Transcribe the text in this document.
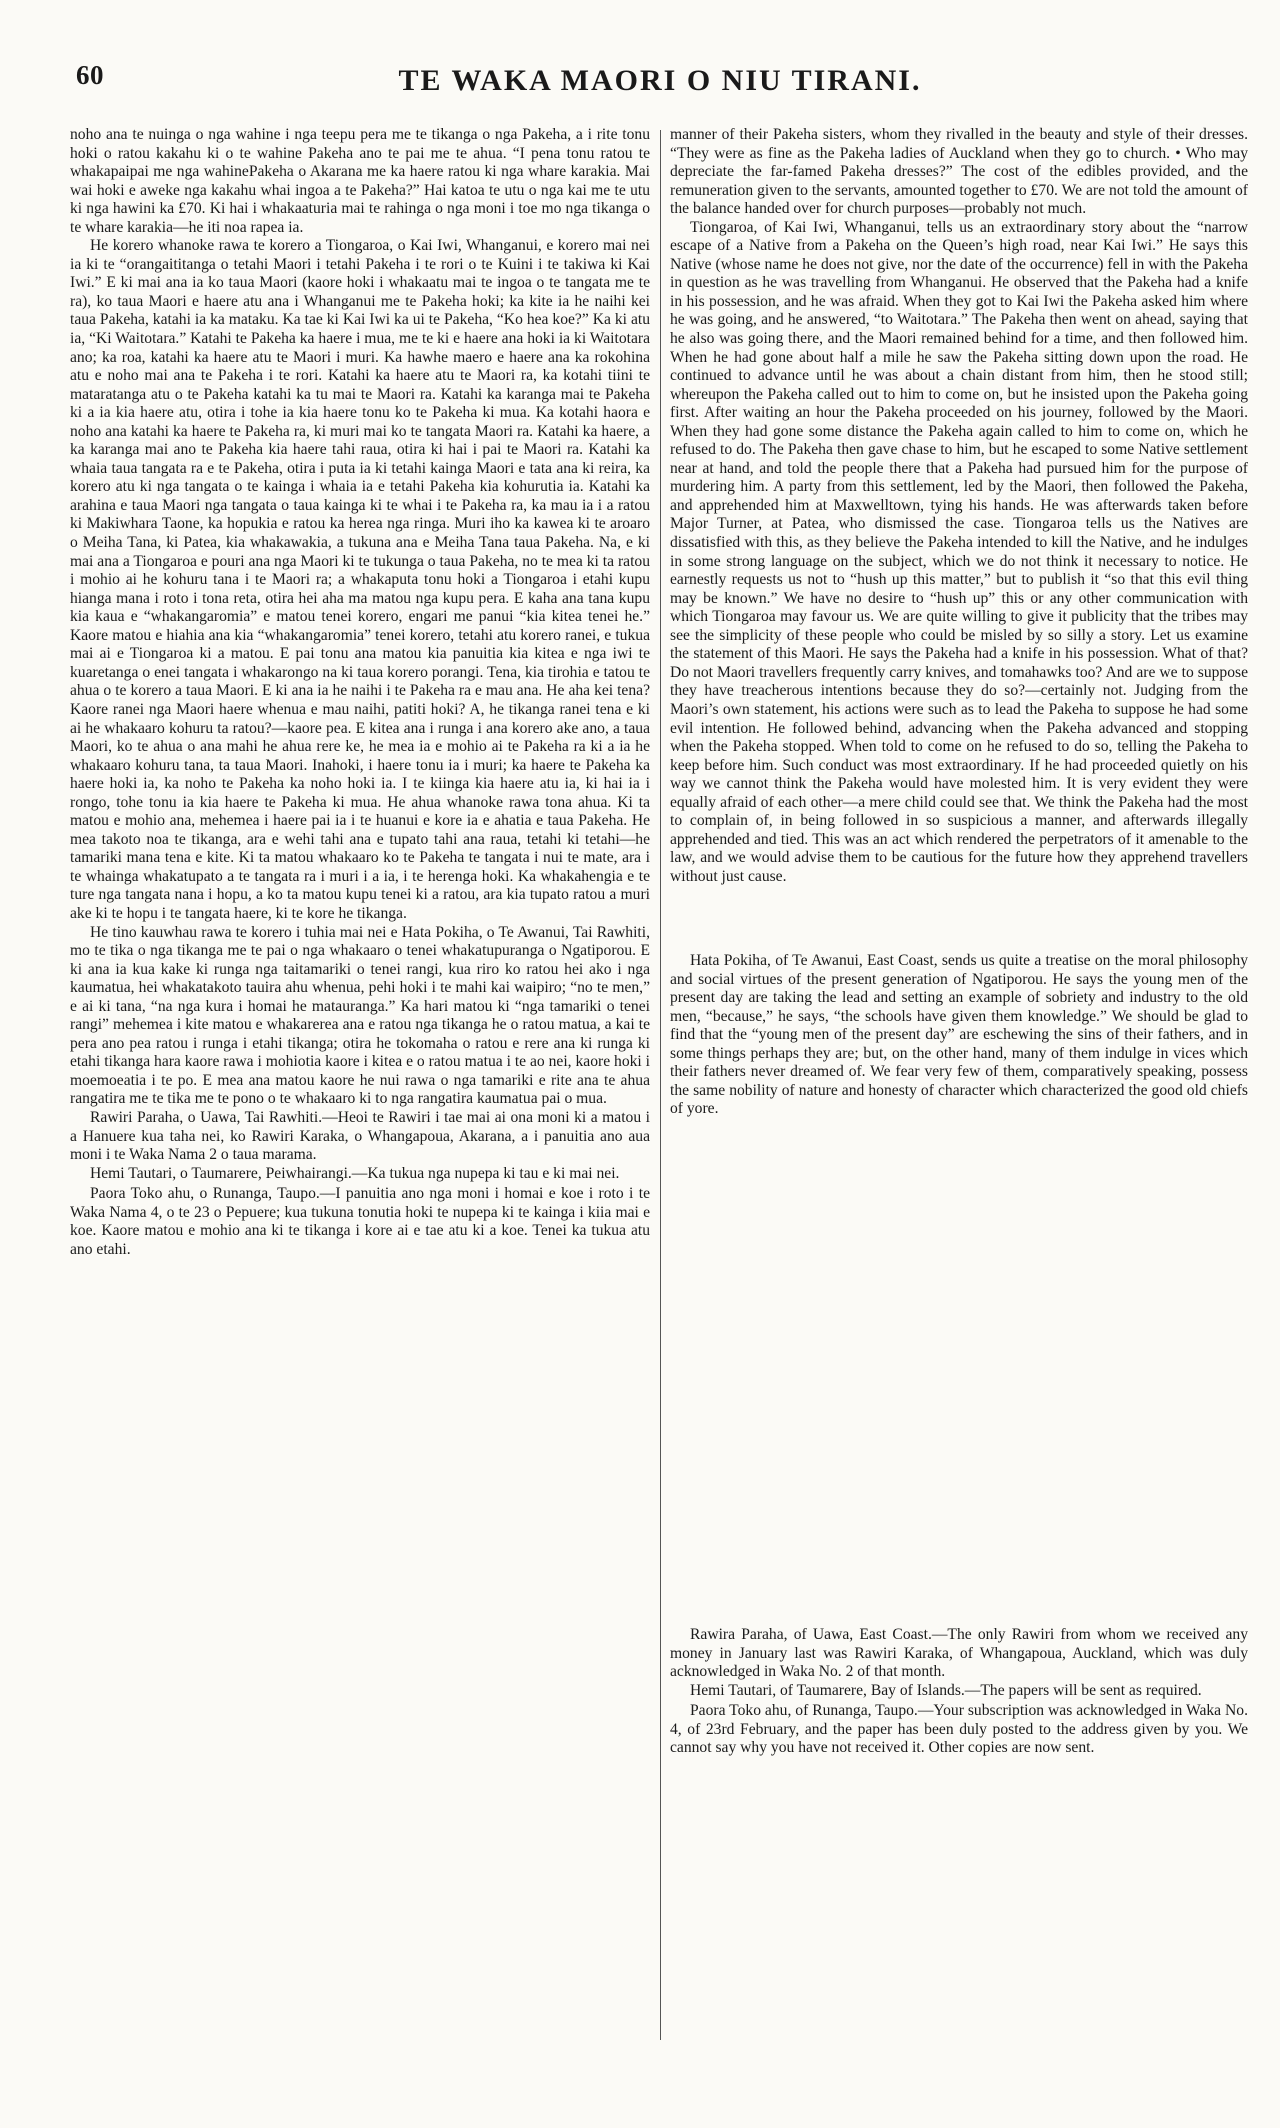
60	TE WAKA MAORI O NIU TIRANI.

noho ana te nuinga o nga wahine i nga teepu pera me te tikanga o nga Pakeha, a i rite tonu hoki o ratou kakahu ki o te wahine Pakeha ano te pai me te ahua. “I pena tonu ratou te whakapaipai me nga wahinePakeha o Akarana me ka haere ratou ki nga whare karakia. Mai wai hoki e aweke nga kakahu whai ingoa a te Pakeha?” Hai katoa te utu o nga kai me te utu ki nga hawini ka £70. Ki hai i whakaaturia mai te rahinga o nga moni i toe mo nga tikanga o te whare karakia—he iti noa rapea ia.

He korero whanoke rawa te korero a Tiongaroa, o Kai Iwi, Whanganui, e korero mai nei ia ki te “orangaititanga o tetahi Maori i tetahi Pakeha i te rori o te Kuini i te takiwa ki Kai Iwi.” E ki mai ana ia ko taua Maori (kaore hoki i whakaatu mai te ingoa o te tangata me te ra), ko taua Maori e haere atu ana i Whanganui me te Pakeha hoki; ka kite ia he naihi kei taua Pakeha, katahi ia ka mataku. Ka tae ki Kai Iwi ka ui te Pakeha, “Ko hea koe?” Ka ki atu ia, “Ki Waitotara.” Katahi te Pakeha ka haere i mua, me te ki e haere ana hoki ia ki Waitotara ano; ka roa, katahi ka haere atu te Maori i muri. Ka hawhe maero e haere ana ka rokohina atu e noho mai ana te Pakeha i te rori. Katahi ka haere atu te Maori ra, ka kotahi tiini te mataratanga atu o te Pakeha katahi ka tu mai te Maori ra. Katahi ka karanga mai te Pakeha ki a ia kia haere atu, otira i tohe ia kia haere tonu ko te Pakeha ki mua. Ka kotahi haora e noho ana katahi ka haere te Pakeha ra, ki muri mai ko te tangata Maori ra. Katahi ka haere, a ka karanga mai ano te Pakeha kia haere tahi raua, otira ki hai i pai te Maori ra. Katahi ka whaia taua tangata ra e te Pakeha, otira i puta ia ki tetahi kainga Maori e tata ana ki reira, ka korero atu ki nga tangata o te kainga i whaia ia e tetahi Pakeha kia kohurutia ia. Katahi ka arahina e taua Maori nga tangata o taua kainga ki te whai i te Pakeha ra, ka mau ia i a ratou ki Makiwhara Taone, ka hopukia e ratou ka herea nga ringa. Muri iho ka kawea ki te aroaro o Meiha Tana, ki Patea, kia whakawakia, a tukuna ana e Meiha Tana taua Pakeha. Na, e ki mai ana a Tiongaroa e pouri ana nga Maori ki te tukunga o taua Pakeha, no te mea ki ta ratou i mohio ai he kohuru tana i te Maori ra; a whakaputa tonu hoki a Tiongaroa i etahi kupu hianga mana i roto i tona reta, otira hei aha ma matou nga kupu pera. E kaha ana tana kupu kia kaua e “whakangaromia” e matou tenei korero, engari me panui “kia kitea tenei he.” Kaore matou e hiahia ana kia “whakangaromia” tenei korero, tetahi atu korero ranei, e tukua mai ai e Tiongaroa ki a matou. E pai tonu ana matou kia panuitia kia kitea e nga iwi te kuaretanga o enei tangata i whakarongo na ki taua korero porangi. Tena, kia tirohia e tatou te ahua o te korero a taua Maori. E ki ana ia he naihi i te Pakeha ra e mau ana. He aha kei tena? Kaore ranei nga Maori haere whenua e mau naihi, patiti hoki? A, he tikanga ranei tena e ki ai he whakaaro kohuru ta ratou?—kaore pea. E kitea ana i runga i ana korero ake ano, a taua Maori, ko te ahua o ana mahi he ahua rere ke, he mea ia e mohio ai te Pakeha ra ki a ia he whakaaro kohuru tana, ta taua Maori. Inahoki, i haere tonu ia i muri; ka haere te Pakeha ka haere hoki ia, ka noho te Pakeha ka noho hoki ia. I te kiinga kia haere atu ia, ki hai ia i rongo, tohe tonu ia kia haere te Pakeha ki mua. He ahua whanoke rawa tona ahua. Ki ta matou e mohio ana, mehemea i haere pai ia i te huanui e kore ia e ahatia e taua Pakeha. He mea takoto noa te tikanga, ara e wehi tahi ana e tupato tahi ana raua, tetahi ki tetahi—he tamariki mana tena e kite. Ki ta matou whakaaro ko te Pakeha te tangata i nui te mate, ara i te whainga whakatupato a te tangata ra i muri i a ia, i te herenga hoki. Ka whakahengia e te ture nga tangata nana i hopu, a ko ta matou kupu tenei ki a ratou, ara kia tupato ratou a muri ake ki te hopu i te tangata haere, ki te kore he tikanga.

He tino kauwhau rawa te korero i tuhia mai nei e Hata Pokiha, o Te Awanui, Tai Rawhiti, mo te tika o nga tikanga me te pai o nga whakaaro o tenei whakatupuranga o Ngatiporou. E ki ana ia kua kake ki runga nga taitamariki o tenei rangi, kua riro ko ratou hei ako i nga kaumatua, hei whakatakoto tauira ahu whenua, pehi hoki i te mahi kai waipiro; “no te men,” e ai ki tana, “na nga kura i homai he matauranga.” Ka hari matou ki “nga tamariki o tenei rangi” mehemea i kite matou e whakarerea ana e ratou nga tikanga he o ratou matua, a kai te pera ano pea ratou i runga i etahi tikanga; otira he tokomaha o ratou e rere ana ki runga ki etahi tikanga hara kaore rawa i mohiotia kaore i kitea e o ratou matua i te ao nei, kaore hoki i moemoeatia i te po. E mea ana matou kaore he nui rawa o nga tamariki e rite ana te ahua rangatira me te tika me te pono o te whakaaro ki to nga rangatira kaumatua pai o mua.

Rawiri Paraha, o Uawa, Tai Rawhiti.—Heoi te Rawiri i tae mai ai ona moni ki a matou i a Hanuere kua taha nei, ko Rawiri Karaka, o Whangapoua, Akarana, a i panuitia ano aua moni i te Waka Nama 2 o taua marama.

Hemi Tautari, o Taumarere, Peiwhairangi.—Ka tukua nga nupepa ki tau e ki mai nei.

Paora Toko ahu, o Runanga, Taupo.—I panuitia ano nga moni i homai e koe i roto i te Waka Nama 4, o te 23 o Pepuere; kua tukuna tonutia hoki te nupepa ki te kainga i kiia mai e koe. Kaore matou e mohio ana ki te tikanga i kore ai e tae atu ki a koe. Tenei ka tukua atu ano etahi.

manner of their Pakeha sisters, whom they rivalled in the beauty and style of their dresses. “They were as fine as the Pakeha ladies of Auckland when they go to church. • Who may depreciate the far-famed Pakeha dresses?” The cost of the edibles provided, and the remuneration given to the servants, amounted together to £70. We are not told the amount of the balance handed over for church purposes—probably not much.

Tiongaroa, of Kai Iwi, Whanganui, tells us an extraordinary story about the “narrow escape of a Native from a Pakeha on the Queen’s high road, near Kai Iwi.” He says this Native (whose name he does not give, nor the date of the occurrence) fell in with the Pakeha in question as he was travelling from Whanganui. He observed that the Pakeha had a knife in his possession, and he was afraid. When they got to Kai Iwi the Pakeha asked him where he was going, and he answered, “to Waitotara.” The Pakeha then went on ahead, saying that he also was going there, and the Maori remained behind for a time, and then followed him. When he had gone about half a mile he saw the Pakeha sitting down upon the road. He continued to advance until he was about a chain distant from him, then he stood still; whereupon the Pakeha called out to him to come on, but he insisted upon the Pakeha going first. After waiting an hour the Pakeha proceeded on his journey, followed by the Maori. When they had gone some distance the Pakeha again called to him to come on, which he refused to do. The Pakeha then gave chase to him, but he escaped to some Native settlement near at hand, and told the people there that a Pakeha had pursued him for the purpose of murdering him. A party from this settlement, led by the Maori, then followed the Pakeha, and apprehended him at Maxwelltown, tying his hands. He was afterwards taken before Major Turner, at Patea, who dismissed the case. Tiongaroa tells us the Natives are dissatisfied with this, as they believe the Pakeha intended to kill the Native, and he indulges in some strong language on the subject, which we do not think it necessary to notice. He earnestly requests us not to “hush up this matter,” but to publish it “so that this evil thing may be known.” We have no desire to “hush up” this or any other communication with which Tiongaroa may favour us. We are quite willing to give it publicity that the tribes may see the simplicity of these people who could be misled by so silly a story. Let us examine the statement of this Maori. He says the Pakeha had a knife in his possession. What of that? Do not Maori travellers frequently carry knives, and tomahawks too? And are we to suppose they have treacherous intentions because they do so?—certainly not. Judging from the Maori’s own statement, his actions were such as to lead the Pakeha to suppose he had some evil intention. He followed behind, advancing when the Pakeha advanced and stopping when the Pakeha stopped. When told to come on he refused to do so, telling the Pakeha to keep before him. Such conduct was most extraordinary. If he had proceeded quietly on his way we cannot think the Pakeha would have molested him. It is very evident they were equally afraid of each other—a mere child could see that. We think the Pakeha had the most to complain of, in being followed in so suspicious a manner, and afterwards illegally apprehended and tied. This was an act which rendered the perpetrators of it amenable to the law, and we would advise them to be cautious for the future how they apprehend travellers without just cause.

Hata Pokiha, of Te Awanui, East Coast, sends us quite a treatise on the moral philosophy and social virtues of the present generation of Ngatiporou. He says the young men of the present day are taking the lead and setting an example of sobriety and industry to the old men, “because,” he says, “the schools have given them knowledge.” We should be glad to find that the “young men of the present day” are eschewing the sins of their fathers, and in some things perhaps they are; but, on the other hand, many of them indulge in vices which their fathers never dreamed of. We fear very few of them, comparatively speaking, possess the same nobility of nature and honesty of character which characterized the good old chiefs of yore.

Rawira Paraha, of Uawa, East Coast.—The only Rawiri from whom we received any money in January last was Rawiri Karaka, of Whangapoua, Auckland, which was duly acknowledged in Waka No. 2 of that month.

Hemi Tautari, of Taumarere, Bay of Islands.—The papers will be sent as required.

Paora Toko ahu, of Runanga, Taupo.—Your subscription was acknowledged in Waka No. 4, of 23rd February, and the paper has been duly posted to the address given by you. We cannot say why you have not received it. Other copies are now sent.
